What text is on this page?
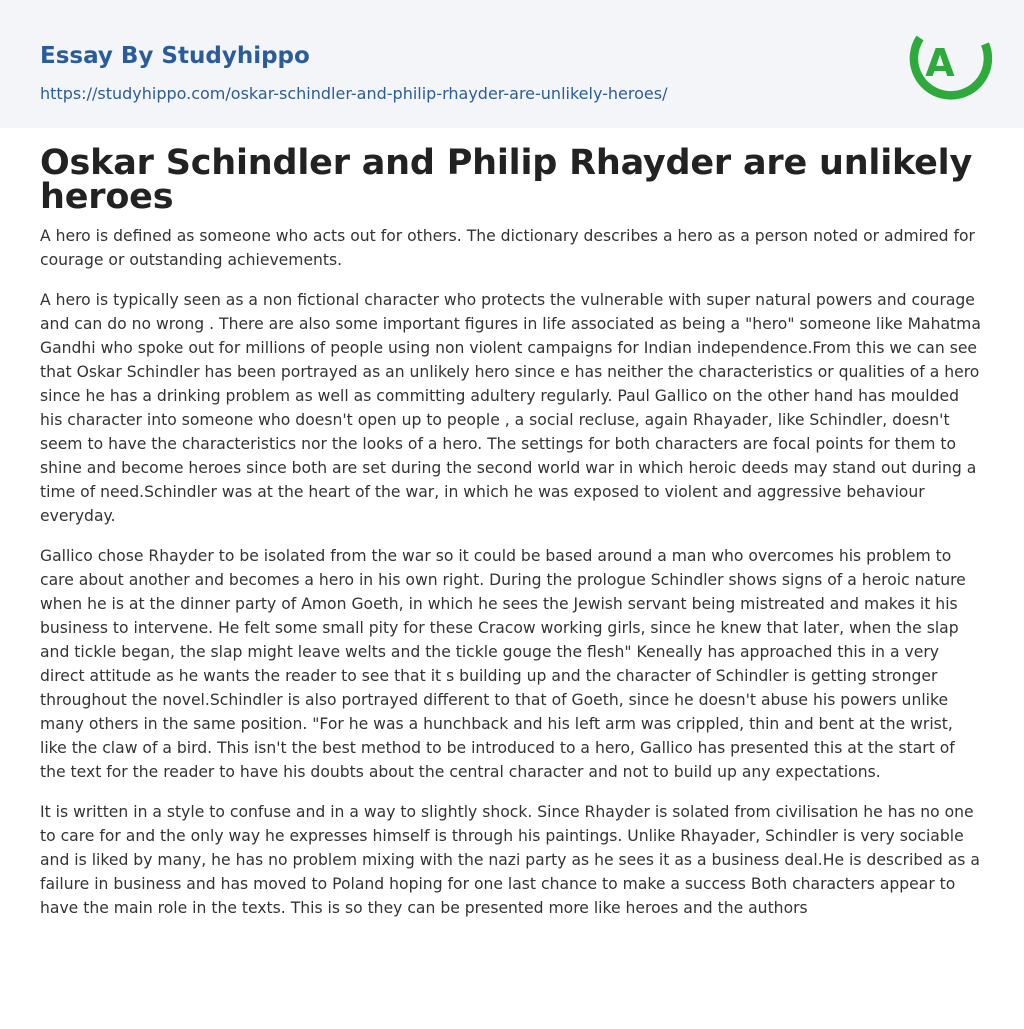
Essay By Studyhippo
https://studyhippo.com/oskar-schindler-and-philip-rhayder-are-unlikely-heroes/
A
Oskar Schindler and Philip Rhayder are unlikely heroes

A hero is defined as someone who acts out for others. The dictionary describes a hero as a person noted or admired for courage or outstanding achievements.

A hero is typically seen as a non fictional character who protects the vulnerable with super natural powers and courage and can do no wrong . There are also some important figures in life associated as being a "hero" someone like Mahatma Gandhi who spoke out for millions of people using non violent campaigns for Indian independence.From this we can see that Oskar Schindler has been portrayed as an unlikely hero since e has neither the characteristics or qualities of a hero since he has a drinking problem as well as committing adultery regularly. Paul Gallico on the other hand has moulded his character into someone who doesn't open up to people , a social recluse, again Rhayader, like Schindler, doesn't seem to have the characteristics nor the looks of a hero. The settings for both characters are focal points for them to shine and become heroes since both are set during the second world war in which heroic deeds may stand out during a time of need.Schindler was at the heart of the war, in which he was exposed to violent and aggressive behaviour everyday.

Gallico chose Rhayder to be isolated from the war so it could be based around a man who overcomes his problem to care about another and becomes a hero in his own right. During the prologue Schindler shows signs of a heroic nature when he is at the dinner party of Amon Goeth, in which he sees the Jewish servant being mistreated and makes it his business to intervene. He felt some small pity for these Cracow working girls, since he knew that later, when the slap and tickle began, the slap might leave welts and the tickle gouge the flesh" Keneally has approached this in a very direct attitude as he wants the reader to see that it s building up and the character of Schindler is getting stronger throughout the novel.Schindler is also portrayed different to that of Goeth, since he doesn't abuse his powers unlike many others in the same position. "For he was a hunchback and his left arm was crippled, thin and bent at the wrist, like the claw of a bird. This isn't the best method to be introduced to a hero, Gallico has presented this at the start of the text for the reader to have his doubts about the central character and not to build up any expectations.

It is written in a style to confuse and in a way to slightly shock. Since Rhayder is solated from civilisation he has no one to care for and the only way he expresses himself is through his paintings. Unlike Rhayader, Schindler is very sociable and is liked by many, he has no problem mixing with the nazi party as he sees it as a business deal.He is described as a failure in business and has moved to Poland hoping for one last chance to make a success Both characters appear to have the main role in the texts. This is so they can be presented more like heroes and the authors
